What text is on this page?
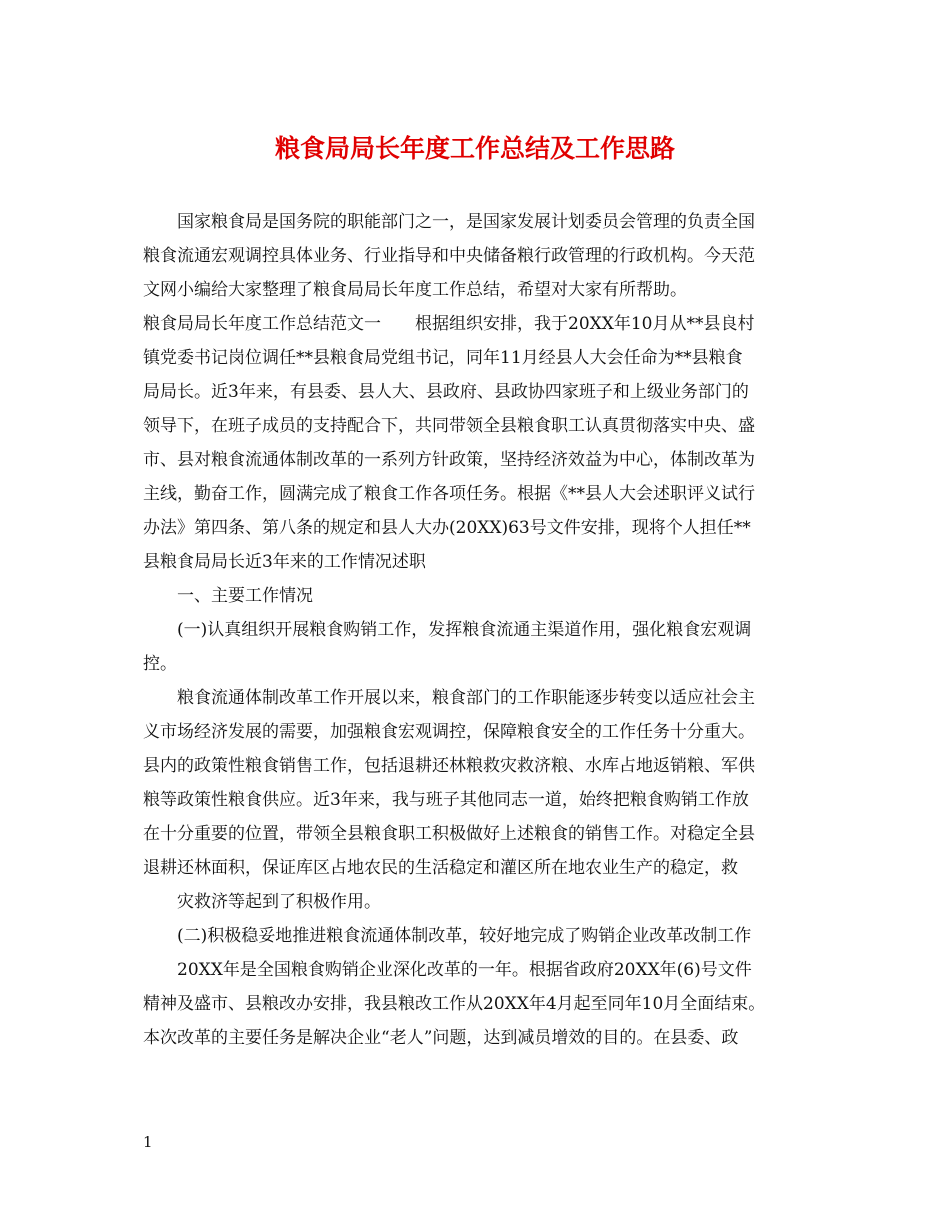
粮食局局长年度工作总结及工作思路
国家粮食局是国务院的职能部门之一，是国家发展计划委员会管理的负责全国
粮食流通宏观调控具体业务、行业指导和中央储备粮行政管理的行政机构。今天范
文网小编给大家整理了粮食局局长年度工作总结，希望对大家有所帮助。
粮食局局长年度工作总结范文一　　根据组织安排，我于20XX年10月从**县良村
镇党委书记岗位调任**县粮食局党组书记，同年11月经县人大会任命为**县粮食
局局长。近3年来，有县委、县人大、县政府、县政协四家班子和上级业务部门的
领导下，在班子成员的支持配合下，共同带领全县粮食职工认真贯彻落实中央、盛
市、县对粮食流通体制改革的一系列方针政策，坚持经济效益为中心，体制改革为
主线，勤奋工作，圆满完成了粮食工作各项任务。根据《**县人大会述职评义试行
办法》第四条、第八条的规定和县人大办(20XX)63号文件安排，现将个人担任**
县粮食局局长近3年来的工作情况述职
一、主要工作情况
(一)认真组织开展粮食购销工作，发挥粮食流通主渠道作用，强化粮食宏观调
控。
粮食流通体制改革工作开展以来，粮食部门的工作职能逐步转变以适应社会主
义市场经济发展的需要，加强粮食宏观调控，保障粮食安全的工作任务十分重大。
县内的政策性粮食销售工作，包括退耕还林粮救灾救济粮、水库占地返销粮、军供
粮等政策性粮食供应。近3年来，我与班子其他同志一道，始终把粮食购销工作放
在十分重要的位置，带领全县粮食职工积极做好上述粮食的销售工作。对稳定全县
退耕还林面积，保证库区占地农民的生活稳定和灌区所在地农业生产的稳定，救
灾救济等起到了积极作用。
(二)积极稳妥地推进粮食流通体制改革，较好地完成了购销企业改革改制工作
20XX年是全国粮食购销企业深化改革的一年。根据省政府20XX年(6)号文件
精神及盛市、县粮改办安排，我县粮改工作从20XX年4月起至同年10月全面结束。
本次改革的主要任务是解决企业“老人”问题，达到减员增效的目的。在县委、政
1
